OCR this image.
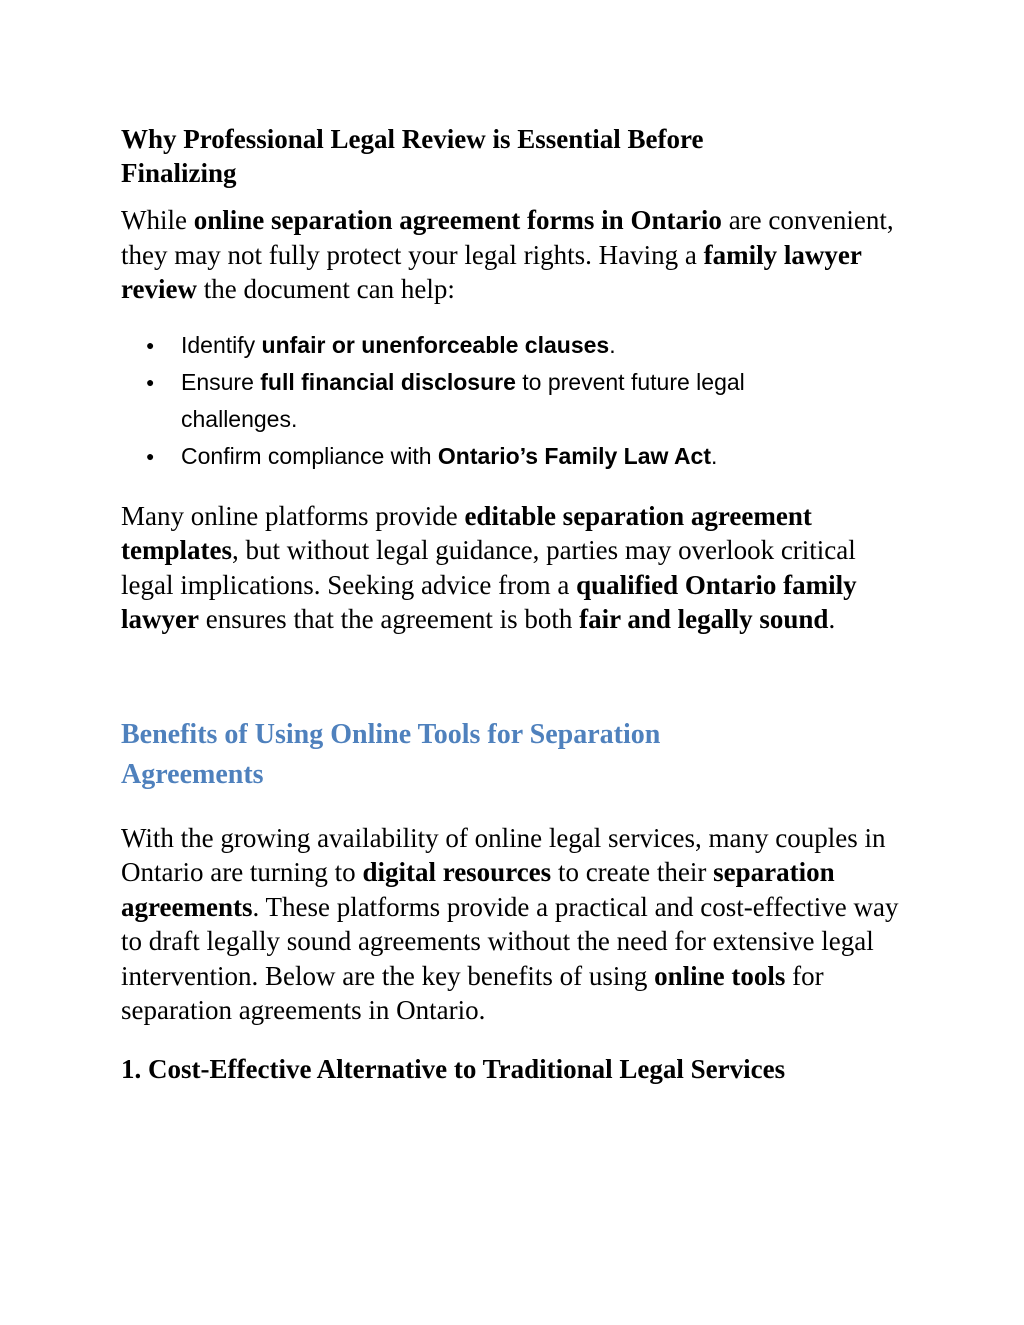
Why Professional Legal Review is Essential Before Finalizing

While online separation agreement forms in Ontario are convenient, they may not fully protect your legal rights. Having a family lawyer review the document can help:

● Identify unfair or unenforceable clauses.
● Ensure full financial disclosure to prevent future legal challenges.
● Confirm compliance with Ontario’s Family Law Act.

Many online platforms provide editable separation agreement templates, but without legal guidance, parties may overlook critical legal implications. Seeking advice from a qualified Ontario family lawyer ensures that the agreement is both fair and legally sound.

Benefits of Using Online Tools for Separation Agreements

With the growing availability of online legal services, many couples in Ontario are turning to digital resources to create their separation agreements. These platforms provide a practical and cost-effective way to draft legally sound agreements without the need for extensive legal intervention. Below are the key benefits of using online tools for separation agreements in Ontario.

1. Cost-Effective Alternative to Traditional Legal Services
